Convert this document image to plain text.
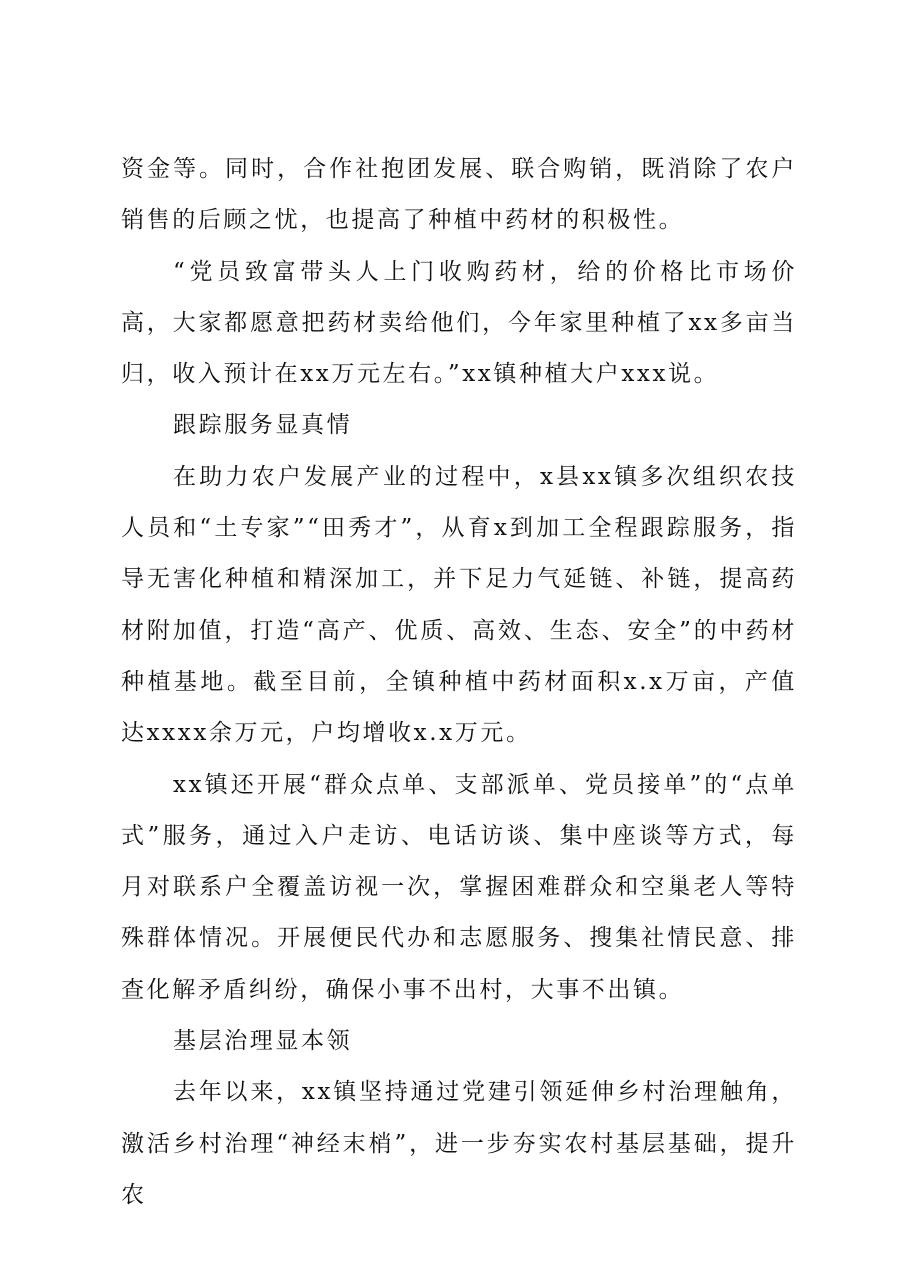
资金等。同时，合作社抱团发展、联合购销，既消除了农户销售的后顾之忧，也提高了种植中药材的积极性。

“党员致富带头人上门收购药材，给的价格比市场价高，大家都愿意把药材卖给他们，今年家里种植了xx多亩当归，收入预计在xx万元左右。”xx镇种植大户xxx说。

跟踪服务显真情

在助力农户发展产业的过程中，x县xx镇多次组织农技人员和“土专家”“田秀才”，从育x到加工全程跟踪服务，指导无害化种植和精深加工，并下足力气延链、补链，提高药材附加值，打造“高产、优质、高效、生态、安全”的中药材种植基地。截至目前，全镇种植中药材面积x.x万亩，产值达xxxx余万元，户均增收x.x万元。

xx镇还开展“群众点单、支部派单、党员接单”的“点单式”服务，通过入户走访、电话访谈、集中座谈等方式，每月对联系户全覆盖访视一次，掌握困难群众和空巢老人等特殊群体情况。开展便民代办和志愿服务、搜集社情民意、排查化解矛盾纠纷，确保小事不出村，大事不出镇。

基层治理显本领

去年以来，xx镇坚持通过党建引领延伸乡村治理触角，激活乡村治理“神经末梢”，进一步夯实农村基层基础，提升农
